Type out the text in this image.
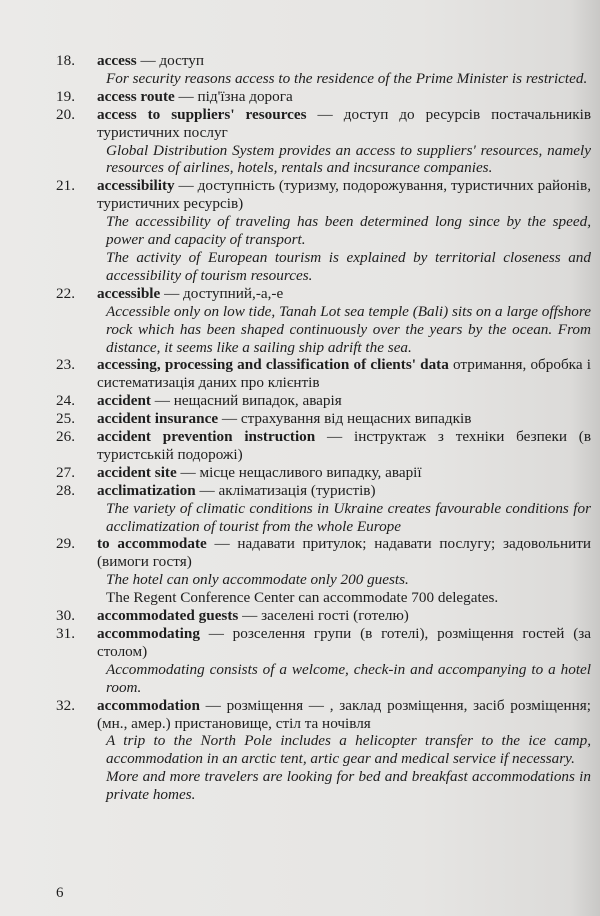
18.	access — доступ
For security reasons access to the residence of the Prime Minister is restricted.
19.	access route — під'їзна дорога
20.	access to suppliers' resources — доступ до ресурсів постачальників туристичних послуг
Global Distribution System provides an access to suppliers' resources, namely resources of airlines, hotels, rentals and incsurance companies.
21.	accessibility — доступність (туризму, подорожування, туристичних районів, туристичних ресурсів)
The accessibility of traveling has been determined long since by the speed, power and capacity of transport.
The activity of European tourism is explained by territorial closeness and accessibility of tourism resources.
22.	accessible — доступний,-а,-е
Accessible only on low tide, Tanah Lot sea temple (Bali) sits on a large offshore rock which has been shaped continuously over the years by the ocean. From distance, it seems like a sailing ship adrift the sea.
23.	accessing, processing and classification of clients' data отримання, обробка і систематизація даних про клієнтів
24.	accident — нещасний випадок, аварія
25.	accident insurance — страхування від нещасних випадків
26.	accident prevention instruction — інструктаж з техніки безпеки (в туристській подорожі)
27.	accident site — місце нещасливого випадку, аварії
28.	acclimatization — акліматизація (туристів)
The variety of climatic conditions in Ukraine creates favourable conditions for acclimatization of tourist from the whole Europe
29.	to accommodate — надавати притулок; надавати послугу; задовольнити (вимоги гостя)
The hotel can only accommodate only 200 guests.
The Regent Conference Center can accommodate 700 delegates.
30.	accommodated guests — заселені гості (готелю)
31.	accommodating — розселення групи (в готелі), розміщення гостей (за столом)
Accommodating consists of a welcome, check-in and accompanying to a hotel room.
32.	accommodation — розміщення — , заклад розміщення, засіб розміщення; (мн., амер.) пристановище, стіл та ночівля
A trip to the North Pole includes a helicopter transfer to the ice camp, accommodation in an arctic tent, artic gear and medical service if necessary.
More and more travelers are looking for bed and breakfast accommodations in private homes.
6
